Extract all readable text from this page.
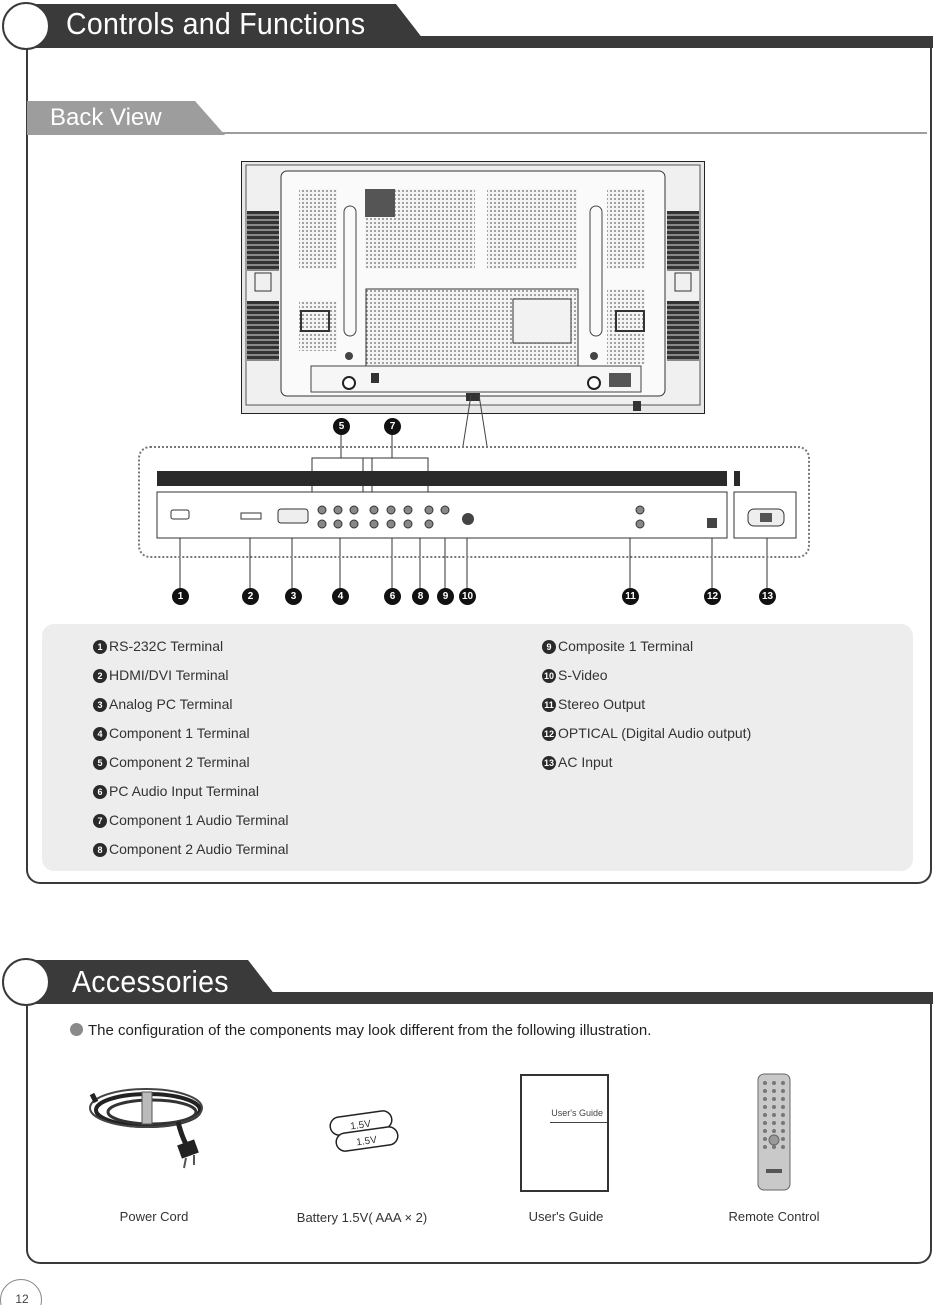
Controls and Functions
Back View
5	7
1	2	3	4	6	8	9	10	11	12	13
1 RS-232C Terminal
2 HDMI/DVI Terminal
3 Analog PC Terminal
4 Component 1 Terminal
5 Component 2 Terminal
6 PC Audio Input Terminal
7 Component 1 Audio Terminal
8 Component 2 Audio Terminal
9 Composite 1 Terminal
10 S-Video
11 Stereo Output
12 OPTICAL (Digital Audio output)
13 AC Input
Accessories
The configuration of the components may look different from the following illustration.
1.5V
1.5V
User's Guide
Power Cord	Battery 1.5V( AAA × 2)	User's Guide	Remote Control
12
